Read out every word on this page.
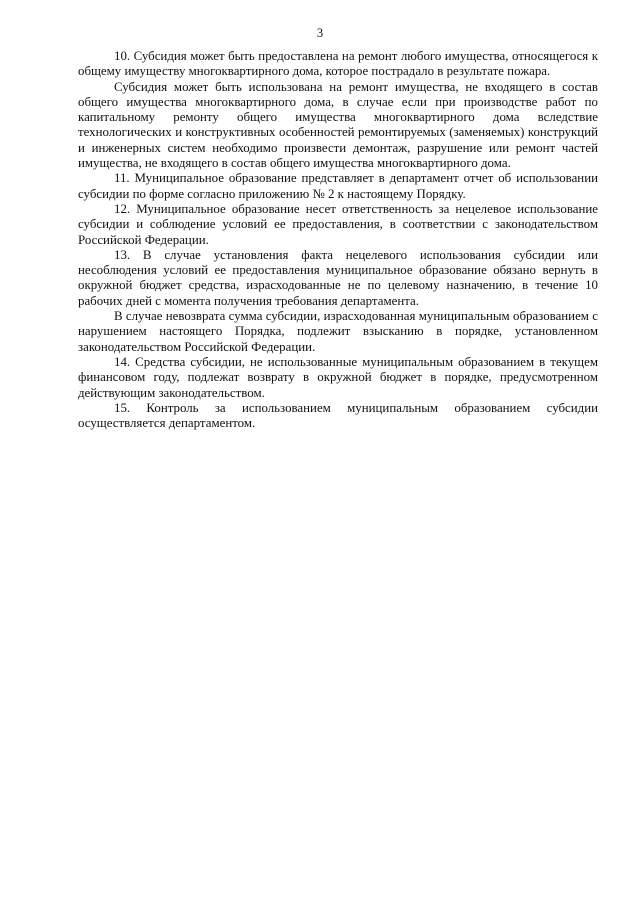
3

10. Субсидия может быть предоставлена на ремонт любого имущества, относящегося к общему имуществу многоквартирного дома, которое пострадало в результате пожара.

Субсидия может быть использована на ремонт имущества, не входящего в состав общего имущества многоквартирного дома, в случае если при производстве работ по капитальному ремонту общего имущества многоквартирного дома вследствие технологических и конструктивных особенностей ремонтируемых (заменяемых) конструкций и инженерных систем необходимо произвести демонтаж, разрушение или ремонт частей имущества, не входящего в состав общего имущества многоквартирного дома.

11. Муниципальное образование представляет в департамент отчет об использовании субсидии по форме согласно приложению № 2 к настоящему Порядку.

12. Муниципальное образование несет ответственность за нецелевое использование субсидии и соблюдение условий ее предоставления, в соответствии с законодательством Российской Федерации.

13. В случае установления факта нецелевого использования субсидии или несоблюдения условий ее предоставления муниципальное образование обязано вернуть в окружной бюджет средства, израсходованные не по целевому назначению, в течение 10 рабочих дней с момента получения требования департамента.

В случае невозврата сумма субсидии, израсходованная муниципальным образованием с нарушением настоящего Порядка, подлежит взысканию в порядке, установленном законодательством Российской Федерации.

14. Средства субсидии, не использованные муниципальным образованием в текущем финансовом году, подлежат возврату в окружной бюджет в порядке, предусмотренном действующим законодательством.

15. Контроль за использованием муниципальным образованием субсидии осуществляется департаментом.
